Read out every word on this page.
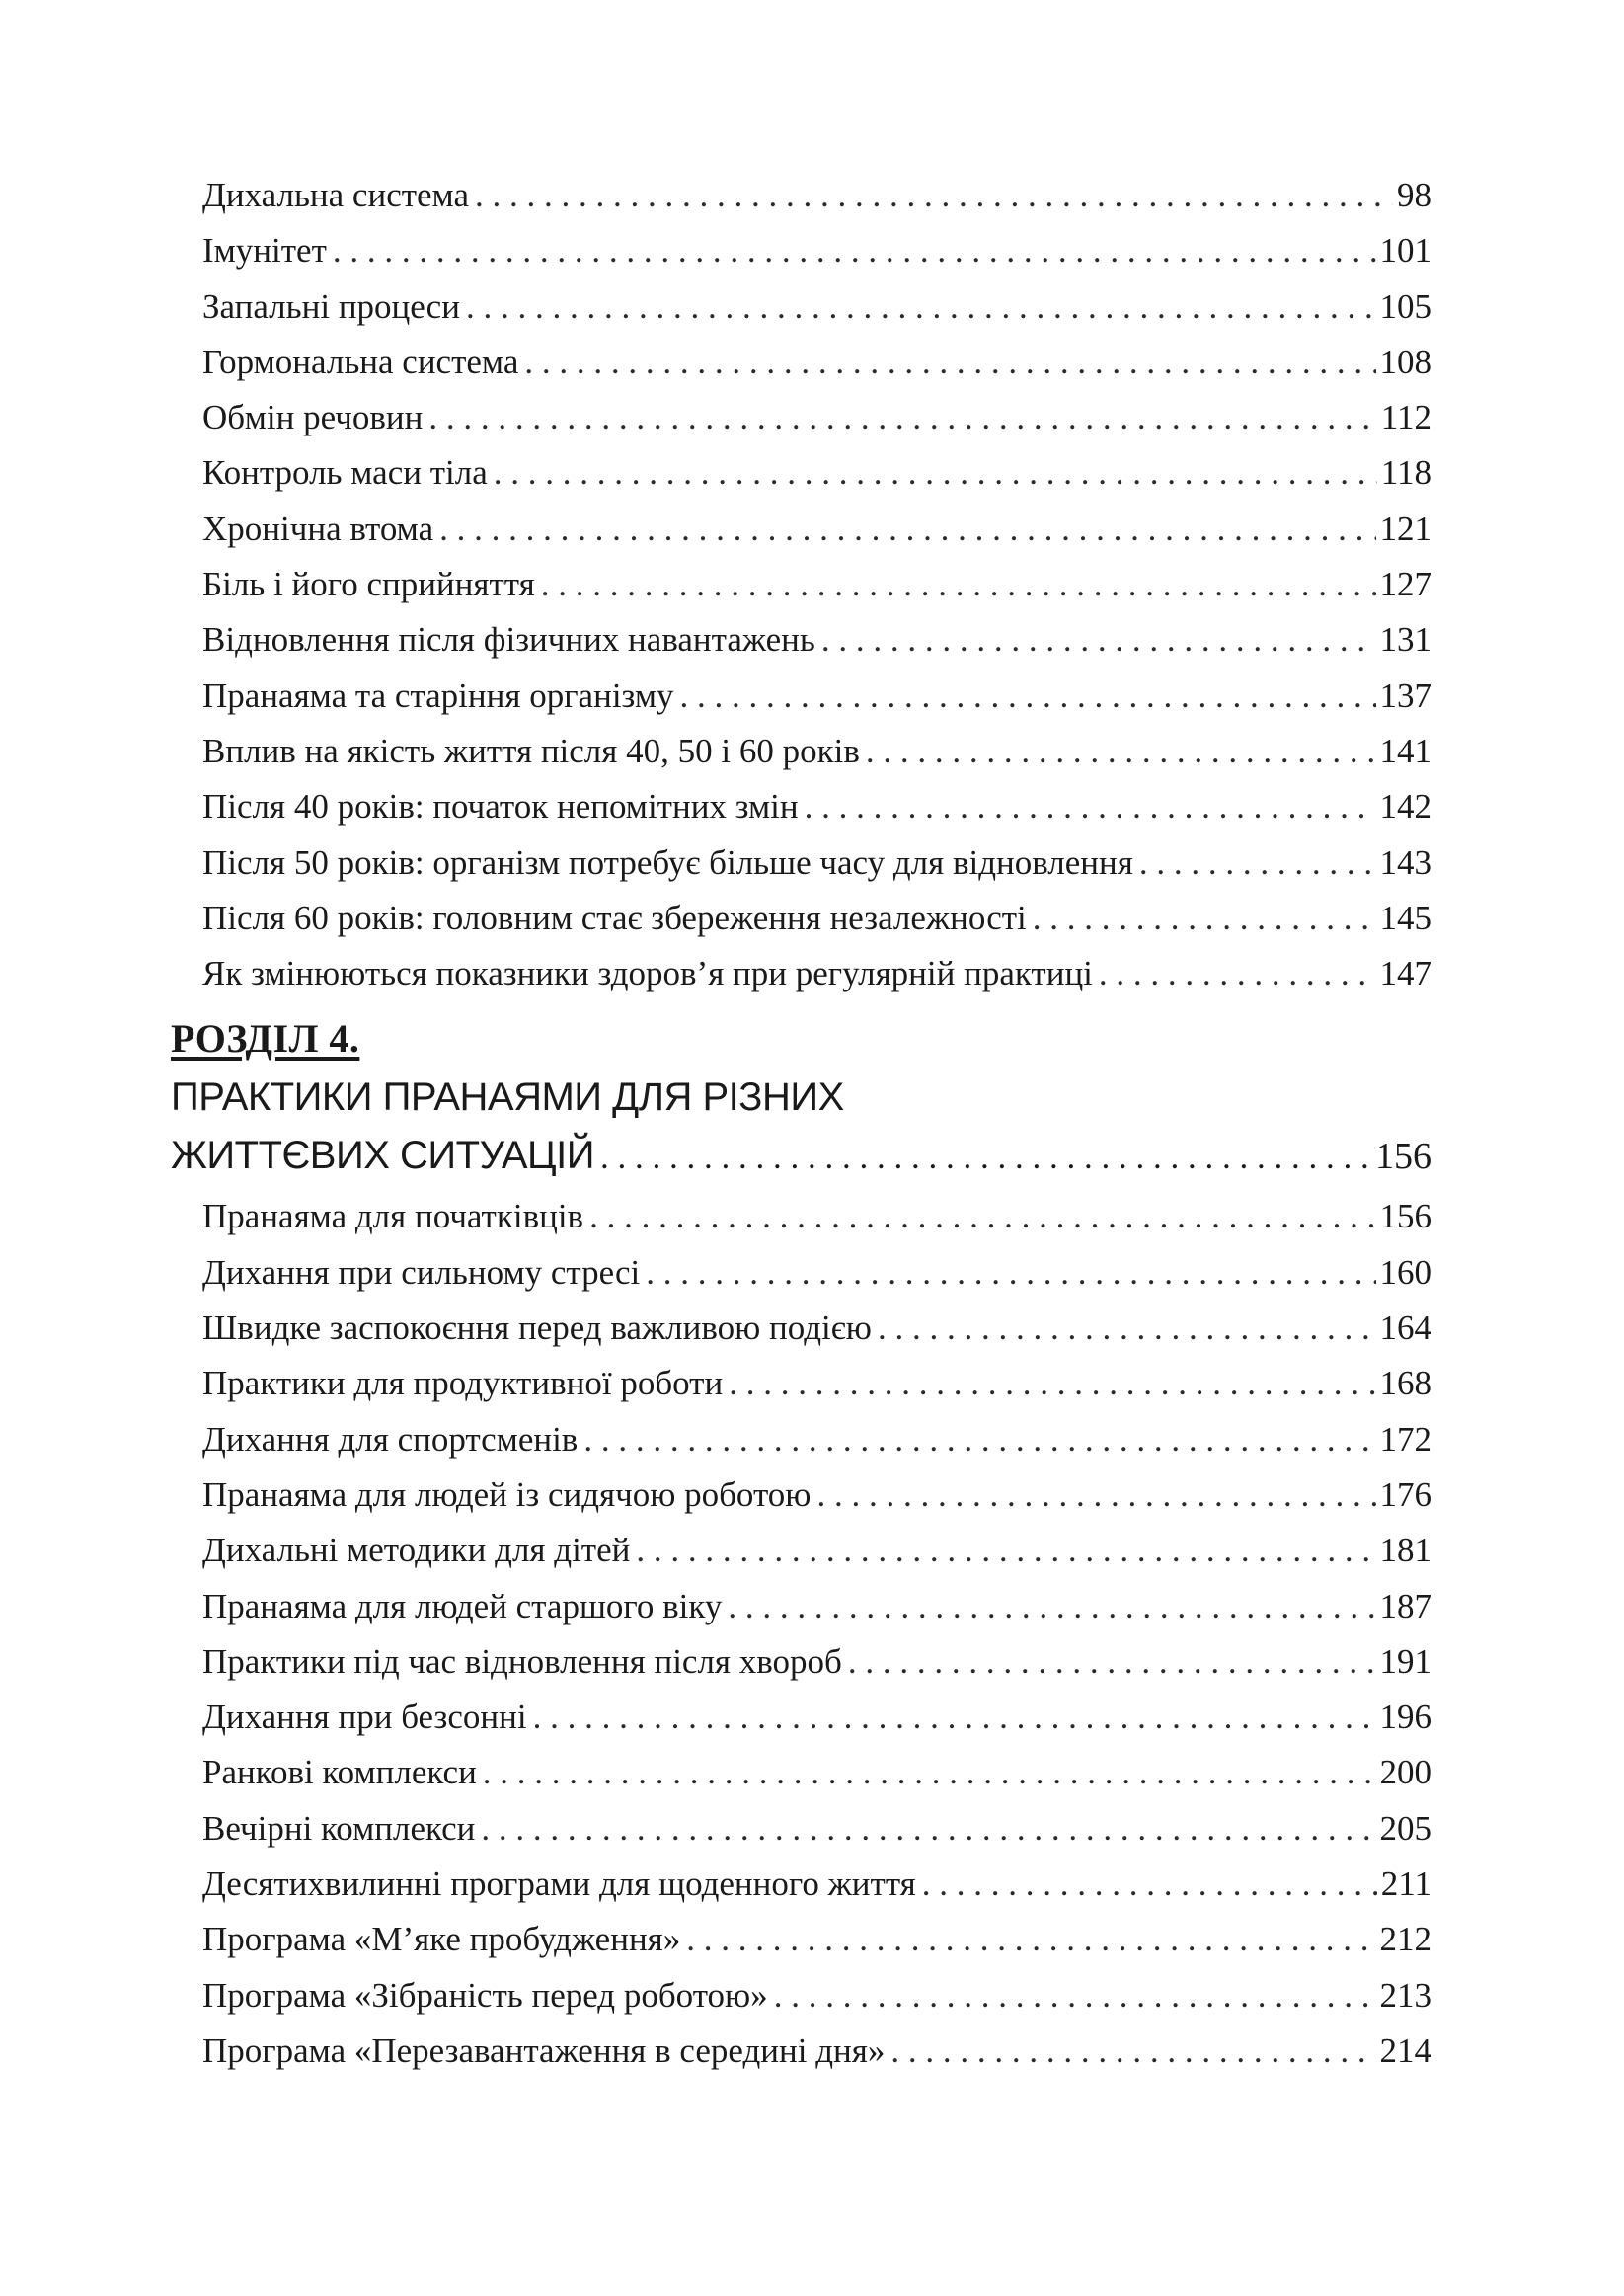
Дихальна система . . .	98
Імунітет . . .	101
Запальні процеси . . .	105
Гормональна система . . .	108
Обмін речовин . . .	112
Контроль маси тіла . . .	118
Хронічна втома . . .	121
Біль і його сприйняття . . .	127
Відновлення після фізичних навантажень . . .	131
Пранаяма та старіння організму . . .	137
Вплив на якість життя після 40, 50 і 60 років . . .	141
Після 40 років: початок непомітних змін . . .	142
Після 50 років: організм потребує більше часу для відновлення . . .	143
Після 60 років: головним стає збереження незалежності . . .	145
Як змінюються показники здоров’я при регулярній практиці . . .	147
РОЗДІЛ 4.
ПРАКТИКИ ПРАНАЯМИ ДЛЯ РІЗНИХ
ЖИТТЄВИХ СИТУАЦІЙ . . .	156
Пранаяма для початківців . . .	156
Дихання при сильному стресі . . .	160
Швидке заспокоєння перед важливою подією . . .	164
Практики для продуктивної роботи . . .	168
Дихання для спортсменів . . .	172
Пранаяма для людей із сидячою роботою . . .	176
Дихальні методики для дітей . . .	181
Пранаяма для людей старшого віку . . .	187
Практики під час відновлення після хвороб . . .	191
Дихання при безсонні . . .	196
Ранкові комплекси . . .	200
Вечірні комплекси . . .	205
Десятихвилинні програми для щоденного життя . . .	211
Програма «М’яке пробудження» . . .	212
Програма «Зібраність перед роботою» . . .	213
Програма «Перезавантаження в середині дня» . . .	214
